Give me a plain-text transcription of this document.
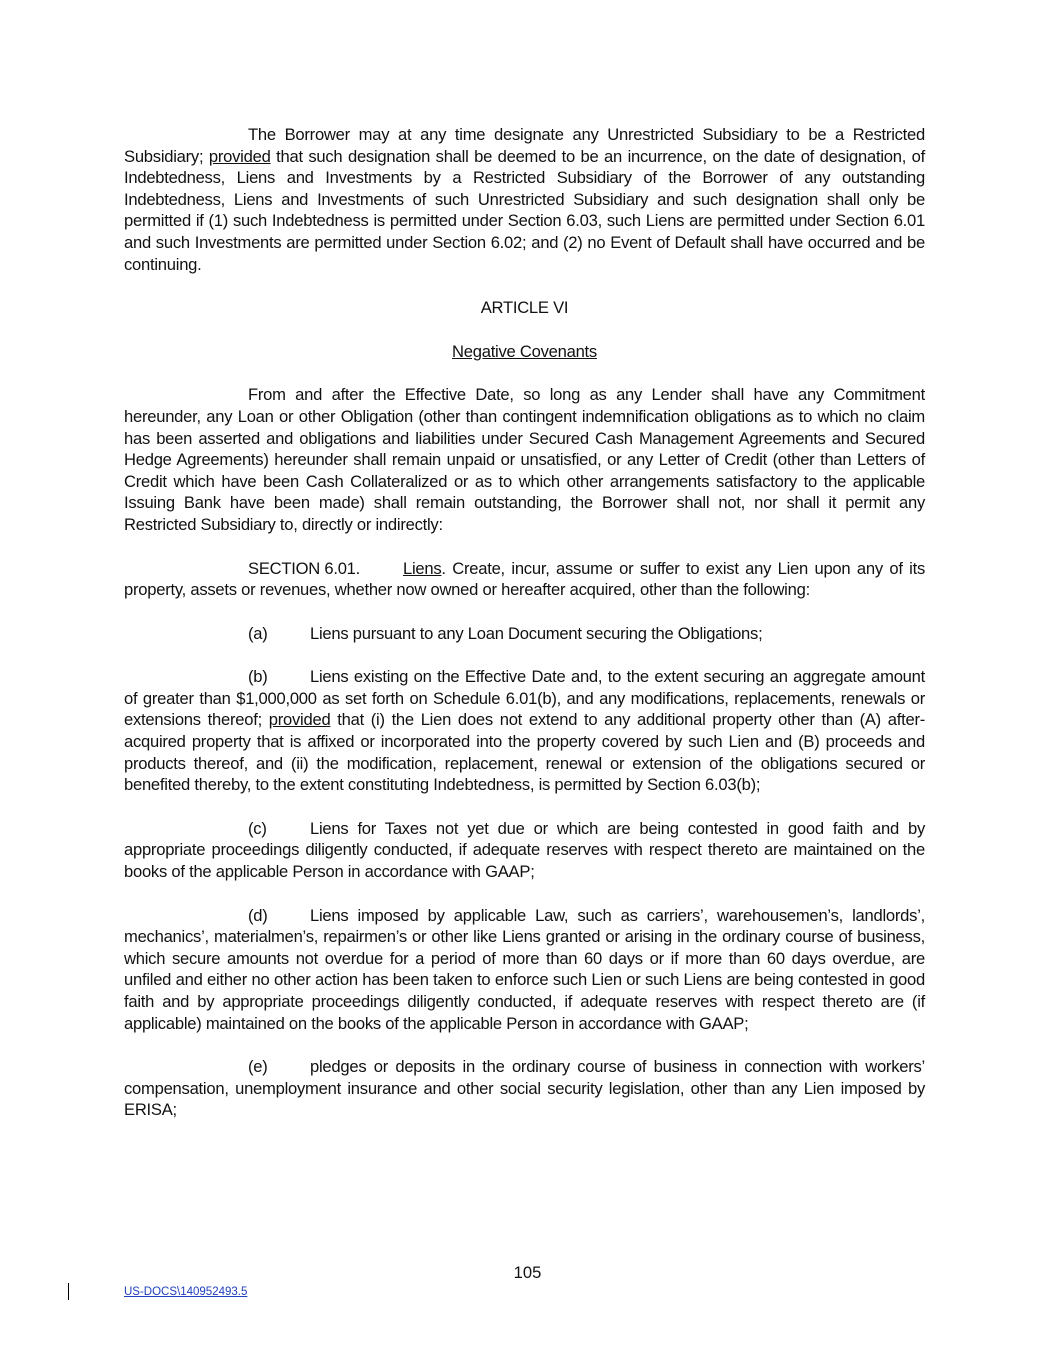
The Borrower may at any time designate any Unrestricted Subsidiary to be a Restricted Subsidiary; provided that such designation shall be deemed to be an incurrence, on the date of designation, of Indebtedness, Liens and Investments by a Restricted Subsidiary of the Borrower of any outstanding Indebtedness, Liens and Investments of such Unrestricted Subsidiary and such designation shall only be permitted if (1) such Indebtedness is permitted under Section 6.03, such Liens are permitted under Section 6.01 and such Investments are permitted under Section 6.02; and (2) no Event of Default shall have occurred and be continuing.

ARTICLE VI

Negative Covenants

From and after the Effective Date, so long as any Lender shall have any Commitment hereunder, any Loan or other Obligation (other than contingent indemnification obligations as to which no claim has been asserted and obligations and liabilities under Secured Cash Management Agreements and Secured Hedge Agreements) hereunder shall remain unpaid or unsatisfied, or any Letter of Credit (other than Letters of Credit which have been Cash Collateralized or as to which other arrangements satisfactory to the applicable Issuing Bank have been made) shall remain outstanding, the Borrower shall not, nor shall it permit any Restricted Subsidiary to, directly or indirectly:

SECTION 6.01.	Liens. Create, incur, assume or suffer to exist any Lien upon any of its property, assets or revenues, whether now owned or hereafter acquired, other than the following:

(a)	Liens pursuant to any Loan Document securing the Obligations;

(b)	Liens existing on the Effective Date and, to the extent securing an aggregate amount of greater than $1,000,000 as set forth on Schedule 6.01(b), and any modifications, replacements, renewals or extensions thereof; provided that (i) the Lien does not extend to any additional property other than (A) after-acquired property that is affixed or incorporated into the property covered by such Lien and (B) proceeds and products thereof, and (ii) the modification, replacement, renewal or extension of the obligations secured or benefited thereby, to the extent constituting Indebtedness, is permitted by Section 6.03(b);

(c)	Liens for Taxes not yet due or which are being contested in good faith and by appropriate proceedings diligently conducted, if adequate reserves with respect thereto are maintained on the books of the applicable Person in accordance with GAAP;

(d)	Liens imposed by applicable Law, such as carriers’, warehousemen’s, landlords’, mechanics’, materialmen’s, repairmen’s or other like Liens granted or arising in the ordinary course of business, which secure amounts not overdue for a period of more than 60 days or if more than 60 days overdue, are unfiled and either no other action has been taken to enforce such Lien or such Liens are being contested in good faith and by appropriate proceedings diligently conducted, if adequate reserves with respect thereto are (if applicable) maintained on the books of the applicable Person in accordance with GAAP;

(e)	pledges or deposits in the ordinary course of business in connection with workers’ compensation, unemployment insurance and other social security legislation, other than any Lien imposed by ERISA;

105
US-DOCS\140952493.5
